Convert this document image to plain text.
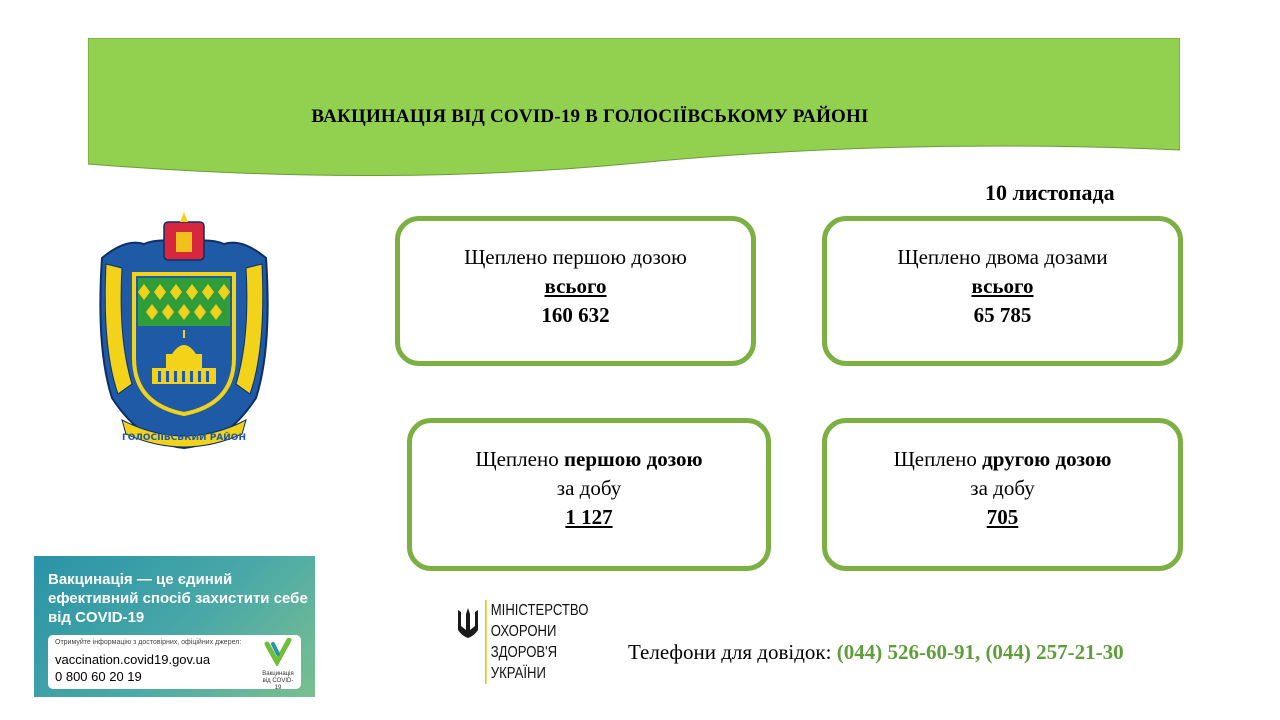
ВАКЦИНАЦІЯ ВІД COVID-19 В ГОЛОСІЇВСЬКОМУ РАЙОНІ
10 листопада
ГОЛОСІЇВСЬКИЙ РАЙОН
Щеплено першою дозою
всього
160 632
Щеплено двома дозами
всього
65 785
Щеплено першою дозою
за добу
1 127
Щеплено другою дозою
за добу
705
Вакцинація — це єдиний ефективний спосіб захистити себе від COVID-19
Отримуйте інформацію з достовірних, офіційних джерел:
vaccination.covid19.gov.ua
0 800 60 20 19	Вакцинація від COVID-19
МІНІСТЕРСТВО
ОХОРОНИ
ЗДОРОВ'Я
УКРАЇНИ
Телефони для довідок: (044) 526-60-91, (044) 257-21-30
